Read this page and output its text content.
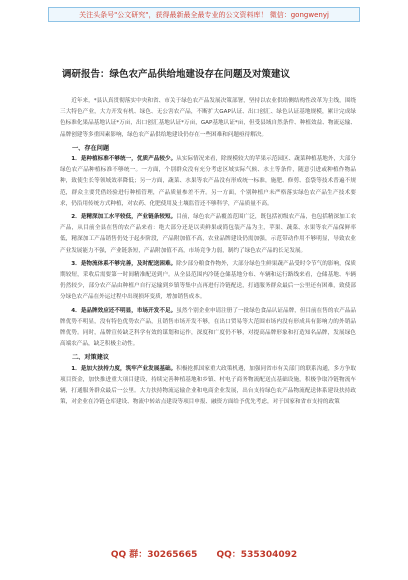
关注头条号"公文研究"，获得最新最全最专业的公文资料库！ 微信：gongwenyj
调研报告：绿色农产品供给地建设存在问题及对策建议

近年来，*县认真贯彻落实中央和省、市关于绿色农产品发展决策部署，坚持以农业供给侧结构性改革为主线，围绕三大特色产业，大力开发有机、绿色、无公害农产品，不断扩大GAP认证、出口创汇、绿色认证基地规模，累计完成绿色标准化果品基地认证*万亩，出口创汇基地认证*万亩，GAP基地认证*亩，但受县域自然条件、种植效益、物流运输、品牌创建等多重因素影响，绿色农产品供给地建设仍存在一些困难和问题亟待解决。

一、存在问题

1．是种植标准不够统一，优质产品较少。从实际情况来看，除规模较大的苹果示范园区、蔬菜种植基地外，大部分绿色农产品种植标准不够统一。一方面，个别群众没有充分考虑区域实际气候、水土等条件，随意引进或种植作物品种，致使生长等领域效率降低；另一方面，蔬菜、水果等农产品没有形成统一标准，施肥、修剪、套袋等技术普遍不规范，群众主要凭借经验进行种植管理，产品质量参差不齐。另一方面，个别种植户未严格落实绿色农产品生产技术要求，仍沿用传统方式种植，对农药、化肥使用及土壤监管还不够科学，产品质量不高。

2．是精深加工水平较低，产业链条较短。目前，绿色农产品覆盖范围广泛，既包括初级农产品，也包括精深加工农产品，从目前全县在售的农产品来看：绝大部分还是以卖鲜果或简包装产品为主，苹果、蔬菜、水果等农产品保鲜率低，精深加工产品销售仍处于起步阶段，产品附加值不高，农业品牌建设仍需加强，示范带动作用不够明显，导致农业产业发展能力不强，产业链条短，产品附加值不高，市场竞争力弱，制约了绿色农产品的长足发展。

3．是物流体系不够完善，及时配送困难。除少部分粮食作物外，大部分绿色生鲜果蔬产品受时令节气的影响，保质期较短，采收后需要第一时间精准配送到户。从全县范围内冷链仓储基地分布、车辆和运行路线来看，仓储基地、车辆仍然较少，部分农产品由种植户自行运输到乡镇等集中点再进行冷链配送，打通服务群众最后一公里还有困难，致使部分绿色农产品在外运过程中出现损坏变质，增加销售成本。

4．是品牌效应还不明显，市场开发不足。虽然个别企业申请注册了一批绿色食品认证品牌，但目前在售的农产品品牌优势不明显，没有特色优势农产品，且销售市场开发不够，在出口贸易等大范围市场内没有形成具有影响力的外销品牌优势。同时，品牌宣传缺乏科学有效的谋划和运作，深度和广度仍不够，对提高品牌形象和打造知名品牌，发展绿色高端农产品，缺乏积极主动性。

二、对策建议

1．是加大扶持力度，筑牢产业发展基础。积极抢抓国家重大政策机遇，加强同省市有关部门的联系沟通，多方争取项目资金，加快推进重大项目建设，持续完善种植基地和乡镇、村电子商务物流配送点基础设施，积极争取冷链物流车辆，打通服务群众最后一公里。大力扶持物流运输企业和电商企业发展，出台支持绿色农产品物流配送体系建设扶持政策，对企业在冷链仓库建设、物流中转站点建设等项目申报、融资方面给予优先考虑，对于国家和省市支持的政策

QQ 群：30265665 QQ：535304092
